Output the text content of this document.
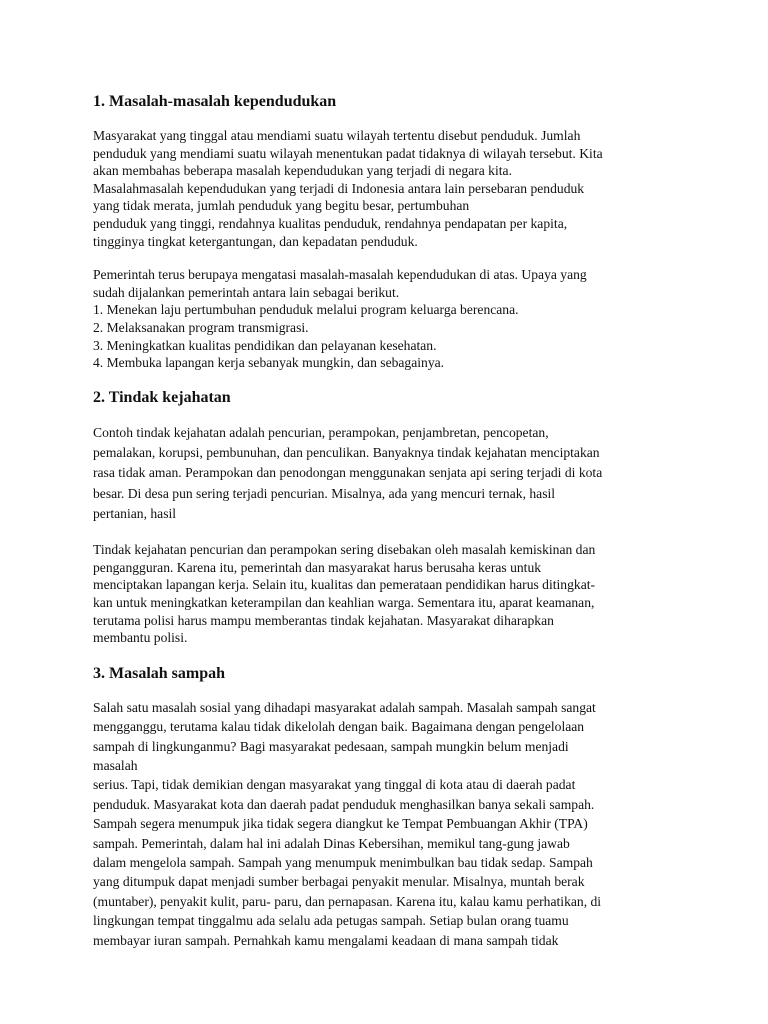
1. Masalah-masalah kependudukan
Masyarakat yang tinggal atau mendiami suatu wilayah tertentu disebut penduduk. Jumlah
penduduk yang mendiami suatu wilayah menentukan padat tidaknya di wilayah tersebut. Kita
akan membahas beberapa masalah kependudukan yang terjadi di negara kita.
Masalahmasalah kependudukan yang terjadi di Indonesia antara lain persebaran penduduk
yang tidak merata, jumlah penduduk yang begitu besar, pertumbuhan
penduduk yang tinggi, rendahnya kualitas penduduk, rendahnya pendapatan per kapita,
tingginya tingkat ketergantungan, dan kepadatan penduduk.
Pemerintah terus berupaya mengatasi masalah-masalah kependudukan di atas. Upaya yang
sudah dijalankan pemerintah antara lain sebagai berikut.
1. Menekan laju pertumbuhan penduduk melalui program keluarga berencana.
2. Melaksanakan program transmigrasi.
3. Meningkatkan kualitas pendidikan dan pelayanan kesehatan.
4. Membuka lapangan kerja sebanyak mungkin, dan sebagainya.
2. Tindak kejahatan
Contoh tindak kejahatan adalah pencurian, perampokan, penjambretan, pencopetan,
pemalakan, korupsi, pembunuhan, dan penculikan. Banyaknya tindak kejahatan menciptakan
rasa tidak aman. Perampokan dan penodongan menggunakan senjata api sering terjadi di kota
besar. Di desa pun sering terjadi pencurian. Misalnya, ada yang mencuri ternak, hasil
pertanian, hasil
Tindak kejahatan pencurian dan perampokan sering disebakan oleh masalah kemiskinan dan
pengangguran. Karena itu, pemerintah dan masyarakat harus berusaha keras untuk
menciptakan lapangan kerja. Selain itu, kualitas dan pemerataan pendidikan harus ditingkat-
kan untuk meningkatkan keterampilan dan keahlian warga. Sementara itu, aparat keamanan,
terutama polisi harus mampu memberantas tindak kejahatan. Masyarakat diharapkan
membantu polisi.
3. Masalah sampah
Salah satu masalah sosial yang dihadapi masyarakat adalah sampah. Masalah sampah sangat
mengganggu, terutama kalau tidak dikelolah dengan baik. Bagaimana dengan pengelolaan
sampah di lingkunganmu? Bagi masyarakat pedesaan, sampah mungkin belum menjadi
masalah
serius. Tapi, tidak demikian dengan masyarakat yang tinggal di kota atau di daerah padat
penduduk. Masyarakat kota dan daerah padat penduduk menghasilkan banya sekali sampah.
Sampah segera menumpuk jika tidak segera diangkut ke Tempat Pembuangan Akhir (TPA)
sampah. Pemerintah, dalam hal ini adalah Dinas Kebersihan, memikul tang-gung jawab
dalam mengelola sampah. Sampah yang menumpuk menimbulkan bau tidak sedap. Sampah
yang ditumpuk dapat menjadi sumber berbagai penyakit menular. Misalnya, muntah berak
(muntaber), penyakit kulit, paru- paru, dan pernapasan. Karena itu, kalau kamu perhatikan, di
lingkungan tempat tinggalmu ada selalu ada petugas sampah. Setiap bulan orang tuamu
membayar iuran sampah. Pernahkah kamu mengalami keadaan di mana sampah tidak
